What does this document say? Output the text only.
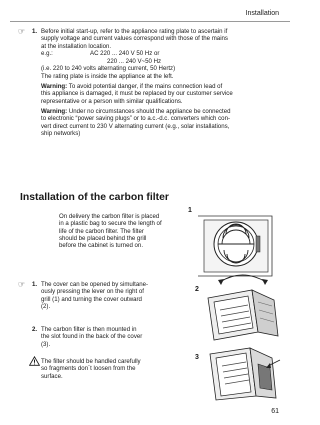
Installation
☞ 1. Before initial start-up, refer to the appliance rating plate to ascertain if
supply voltage and current values correspond with those of the mains
at the installation location.
e.g.:	AC 220 ... 240 V 50 Hz or
220 ... 240 V~50 Hz
(i.e. 220 to 240 volts alternating current, 50 Hertz)
The rating plate is inside the appliance at the left.
Warning: To avoid potential danger, if the mains connection lead of
this appliance is damaged, it must be replaced by our customer service
representative or a person with similar qualifications.
Warning: Under no circumstances should the appliance be connected
to electronic “power saving plugs” or to a.c.-d.c. converters which con-
vert direct current to 230 V alternating current (e.g., solar installations,
ship networks)
Installation of the carbon filter
On delivery the carbon filter is placed
in a plastic bag to secure the length of
life of the carbon filter. The filter
should be placed behind the grill
before the cabinet is turned on.
☞ 1. The cover can be opened by simultane-
ously pressing the lever on the right of
grill (1) and turning the cover outward
(2).
2. The carbon filter is then mounted in
the slot found in the back of the cover
(3).
The filter should be handled carefully
so fragments don´t loosen from the
surface.
1
2
3
61
